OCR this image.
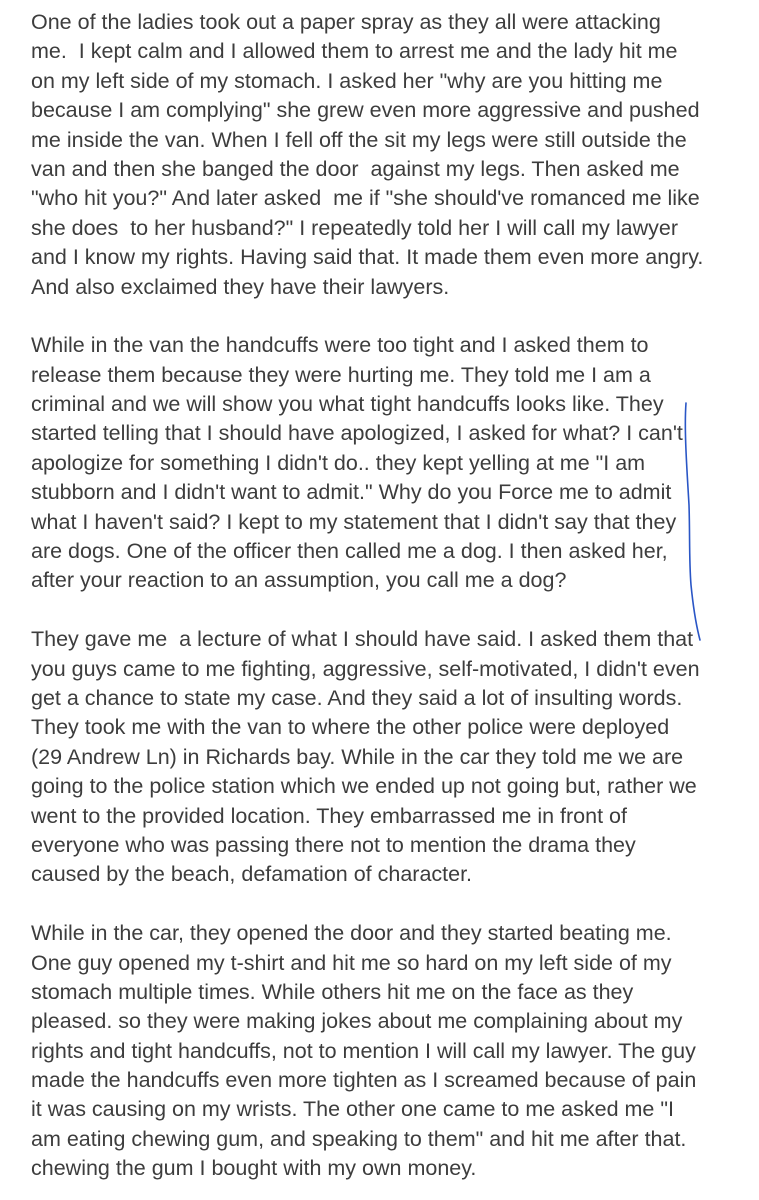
One of the ladies took out a paper spray as they all were attacking
me.  I kept calm and I allowed them to arrest me and the lady hit me
on my left side of my stomach. I asked her "why are you hitting me
because I am complying" she grew even more aggressive and pushed
me inside the van. When I fell off the sit my legs were still outside the
van and then she banged the door  against my legs. Then asked me
"who hit you?" And later asked  me if "she should've romanced me like
she does  to her husband?" I repeatedly told her I will call my lawyer
and I know my rights. Having said that. It made them even more angry.
And also exclaimed they have their lawyers.
While in the van the handcuffs were too tight and I asked them to
release them because they were hurting me. They told me I am a
criminal and we will show you what tight handcuffs looks like. They
started telling that I should have apologized, I asked for what? I can't
apologize for something I didn't do.. they kept yelling at me "I am
stubborn and I didn't want to admit." Why do you Force me to admit
what I haven't said? I kept to my statement that I didn't say that they
are dogs. One of the officer then called me a dog. I then asked her,
after your reaction to an assumption, you call me a dog?
They gave me  a lecture of what I should have said. I asked them that
you guys came to me fighting, aggressive, self-motivated, I didn't even
get a chance to state my case. And they said a lot of insulting words.
They took me with the van to where the other police were deployed
(29 Andrew Ln) in Richards bay. While in the car they told me we are
going to the police station which we ended up not going but, rather we
went to the provided location. They embarrassed me in front of
everyone who was passing there not to mention the drama they
caused by the beach, defamation of character.
While in the car, they opened the door and they started beating me.
One guy opened my t-shirt and hit me so hard on my left side of my
stomach multiple times. While others hit me on the face as they
pleased. so they were making jokes about me complaining about my
rights and tight handcuffs, not to mention I will call my lawyer. The guy
made the handcuffs even more tighten as I screamed because of pain
it was causing on my wrists. The other one came to me asked me "I
am eating chewing gum, and speaking to them" and hit me after that.
chewing the gum I bought with my own money.
